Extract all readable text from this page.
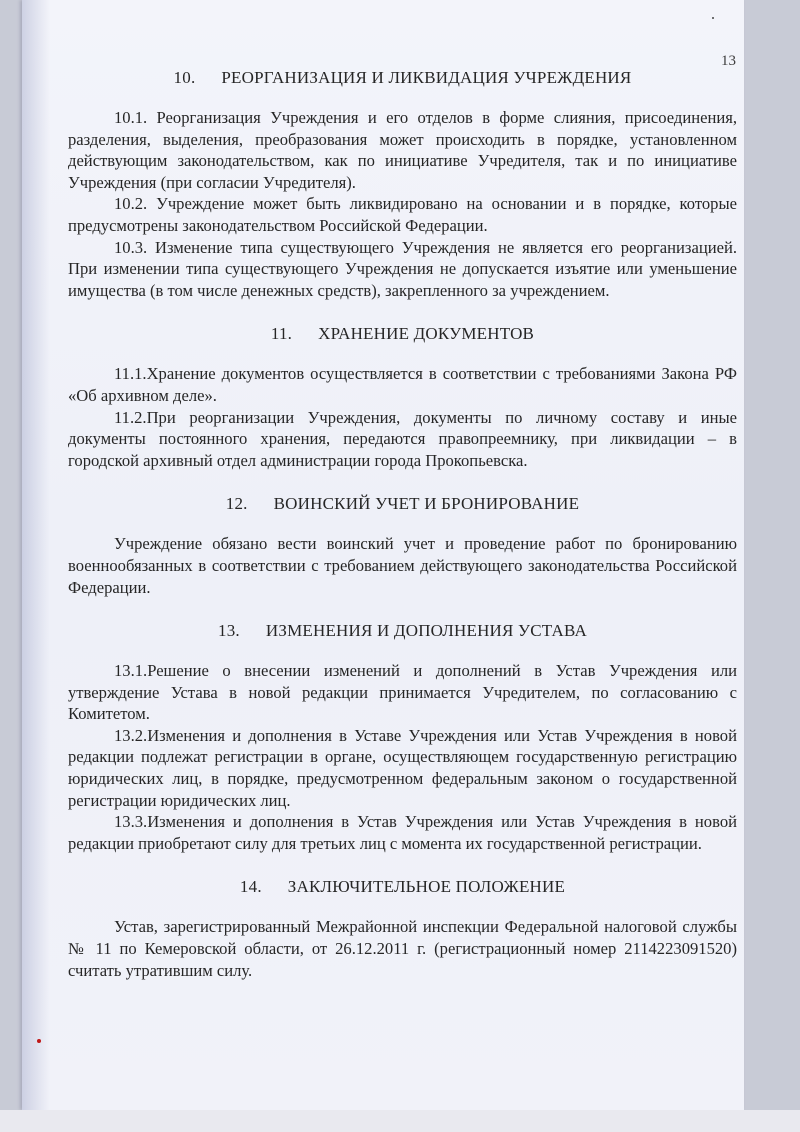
13
10. РЕОРГАНИЗАЦИЯ И ЛИКВИДАЦИЯ УЧРЕЖДЕНИЯ

10.1. Реорганизация Учреждения и его отделов в форме слияния, присоединения, разделения, выделения, преобразования может происходить в порядке, установленном действующим законодательством, как по инициативе Учредителя, так и по инициативе Учреждения (при согласии Учредителя).

10.2. Учреждение может быть ликвидировано на основании и в порядке, которые предусмотрены законодательством Российской Федерации.

10.3. Изменение типа существующего Учреждения не является его реорганизацией. При изменении типа существующего Учреждения не допускается изъятие или уменьшение имущества (в том числе денежных средств), закрепленного за учреждением.

11. ХРАНЕНИЕ ДОКУМЕНТОВ

11.1.Хранение документов осуществляется в соответствии с требованиями Закона РФ «Об архивном деле».

11.2.При реорганизации Учреждения, документы по личному составу и иные документы постоянного хранения, передаются правопреемнику, при ликвидации – в городской архивный отдел администрации города Прокопьевска.

12. ВОИНСКИЙ УЧЕТ И БРОНИРОВАНИЕ

Учреждение обязано вести воинский учет и проведение работ по бронированию военнообязанных в соответствии с требованием действующего законодательства Российской Федерации.

13. ИЗМЕНЕНИЯ И ДОПОЛНЕНИЯ УСТАВА

13.1.Решение о внесении изменений и дополнений в Устав Учреждения или утверждение Устава в новой редакции принимается Учредителем, по согласованию с Комитетом.

13.2.Изменения и дополнения в Уставе Учреждения или Устав Учреждения в новой редакции подлежат регистрации в органе, осуществляющем государственную регистрацию юридических лиц, в порядке, предусмотренном федеральным законом о государственной регистрации юридических лиц.

13.3.Изменения и дополнения в Устав Учреждения или Устав Учреждения в новой редакции приобретают силу для третьих лиц с момента их государственной регистрации.

14. ЗАКЛЮЧИТЕЛЬНОЕ ПОЛОЖЕНИЕ

Устав, зарегистрированный Межрайонной инспекции Федеральной налоговой службы № 11 по Кемеровской области, от 26.12.2011 г. (регистрационный номер 2114223091520) считать утратившим силу.
